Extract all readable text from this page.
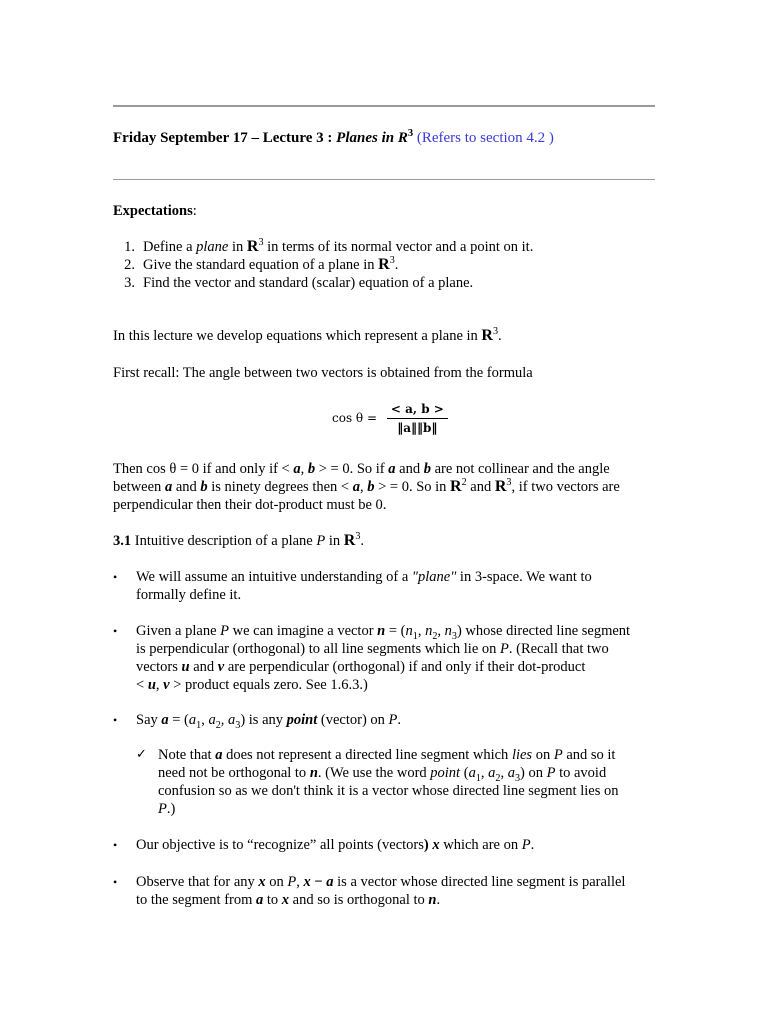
Friday September 17 – Lecture 3 : Planes in $R^3$ (Refers to section 4.2 )
Expectations:
1. Define a plane in $R^3$ in terms of its normal vector and a point on it.
2. Give the standard equation of a plane in $R^3$.
3. Find the vector and standard (scalar) equation of a plane.
In this lecture we develop equations which represent a plane in $R^3$.
First recall: The angle between two vectors is obtained from the formula
$\cos \theta = \frac{< a, b >}{‖a‖‖b‖}$
Then cos θ = 0 if and only if < a, b > = 0. So if a and b are not collinear and the angle
between a and b is ninety degrees then < a, b > = 0. So in $R^2$ and $R^3$, if two vectors are
perpendicular then their dot-product must be 0.
3.1 Intuitive description of a plane P in $R^3$.
• We will assume an intuitive understanding of a "plane" in 3-space. We want to
formally define it.
• Given a plane P we can imagine a vector $n = (n_1$, $n_2$, $n_3$) whose directed line segment
is perpendicular (orthogonal) to all line segments which lie on P. (Recall that two
vectors u and v are perpendicular (orthogonal) if and only if their dot-product
< u, v > product equals zero. See 1.6.3.)
• Say $a = (a_1$, $a_2$, $a_3$) is any point (vector) on P.
✓ Note that a does not represent a directed line segment which lies on P and so it
need not be orthogonal to n. (We use the word point ($a_1$, $a_2$, $a_3$) on P to avoid
confusion so as we don't think it is a vector whose directed line segment lies on
P.)
• Our objective is to “recognize” all points (vectors) x which are on P.
• Observe that for any x on P, x − a is a vector whose directed line segment is parallel
to the segment from a to x and so is orthogonal to n.
